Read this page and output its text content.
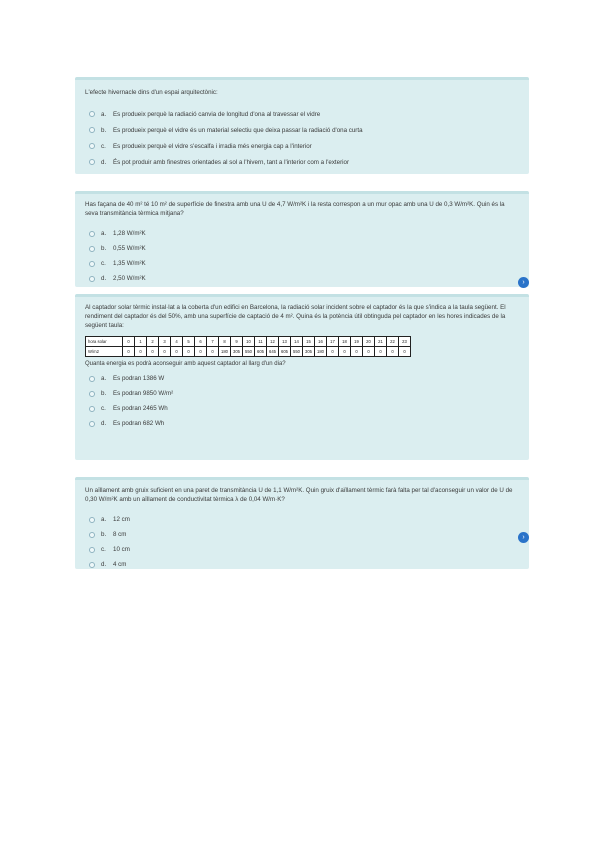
L'efecte hivernacle dins d'un espai arquitectònic:
a.	Es produeix perquè la radiació canvia de longitud d'ona al travessar el vidre
b.	Es produeix perquè el vidre és un material selectiu que deixa passar la radiació d'ona curta
c.	Es produeix perquè el vidre s'escalfa i irradia més energia cap a l'interior
d.	És pot produir amb finestres orientades al sol a l'hivern, tant a l'interior com a l'exterior
Has façana de 40 m² té 10 m² de superfície de finestra amb una U de 4,7 W/m²K i la resta correspon a un mur opac amb una U de 0,3 W/m²K. Quin és la seva transmitància tèrmica mitjana?
a.	1,28 W/m²K
b.	0,55 W/m²K
c.	1,35 W/m²K
d.	2,50 W/m²K
›
Al captador solar tèrmic instal·lat a la coberta d'un edifici en Barcelona, la radiació solar incident sobre el captador és la que s'indica a la taula següent. El rendiment del captador és del 50%, amb una superfície de captació de 4 m². Quina és la potència útil obtinguda pel captador en les hores indicades de la següent taula:
hora solar	0	1	2	3	4	5	6	7	8	9	10	11	12	13	14	15	16	17	18	19	20	21	22	23
W/m2	0	0	0	0	0	0	0	0	180	305	550	605	645	605	550	305	180	0	0	0	0	0	0	0
Quanta energia es podrà aconseguir amb aquest captador al llarg d'un dia?
a.	Es podran 1386 W
b.	Es podran 9850 W/m²
c.	Es podran 2465 Wh
d.	Es podran 682 Wh
Un aïllament amb gruix suficient en una paret de transmitància U de 1,1 W/m²K. Quin gruix d'aïllament tèrmic farà falta per tal d'aconseguir un valor de U de 0,30 W/m²K amb un aïllament de conductivitat tèrmica λ de 0,04 W/m·K?
a.	12 cm
b.	8 cm
c.	10 cm
d.	4 cm
›
